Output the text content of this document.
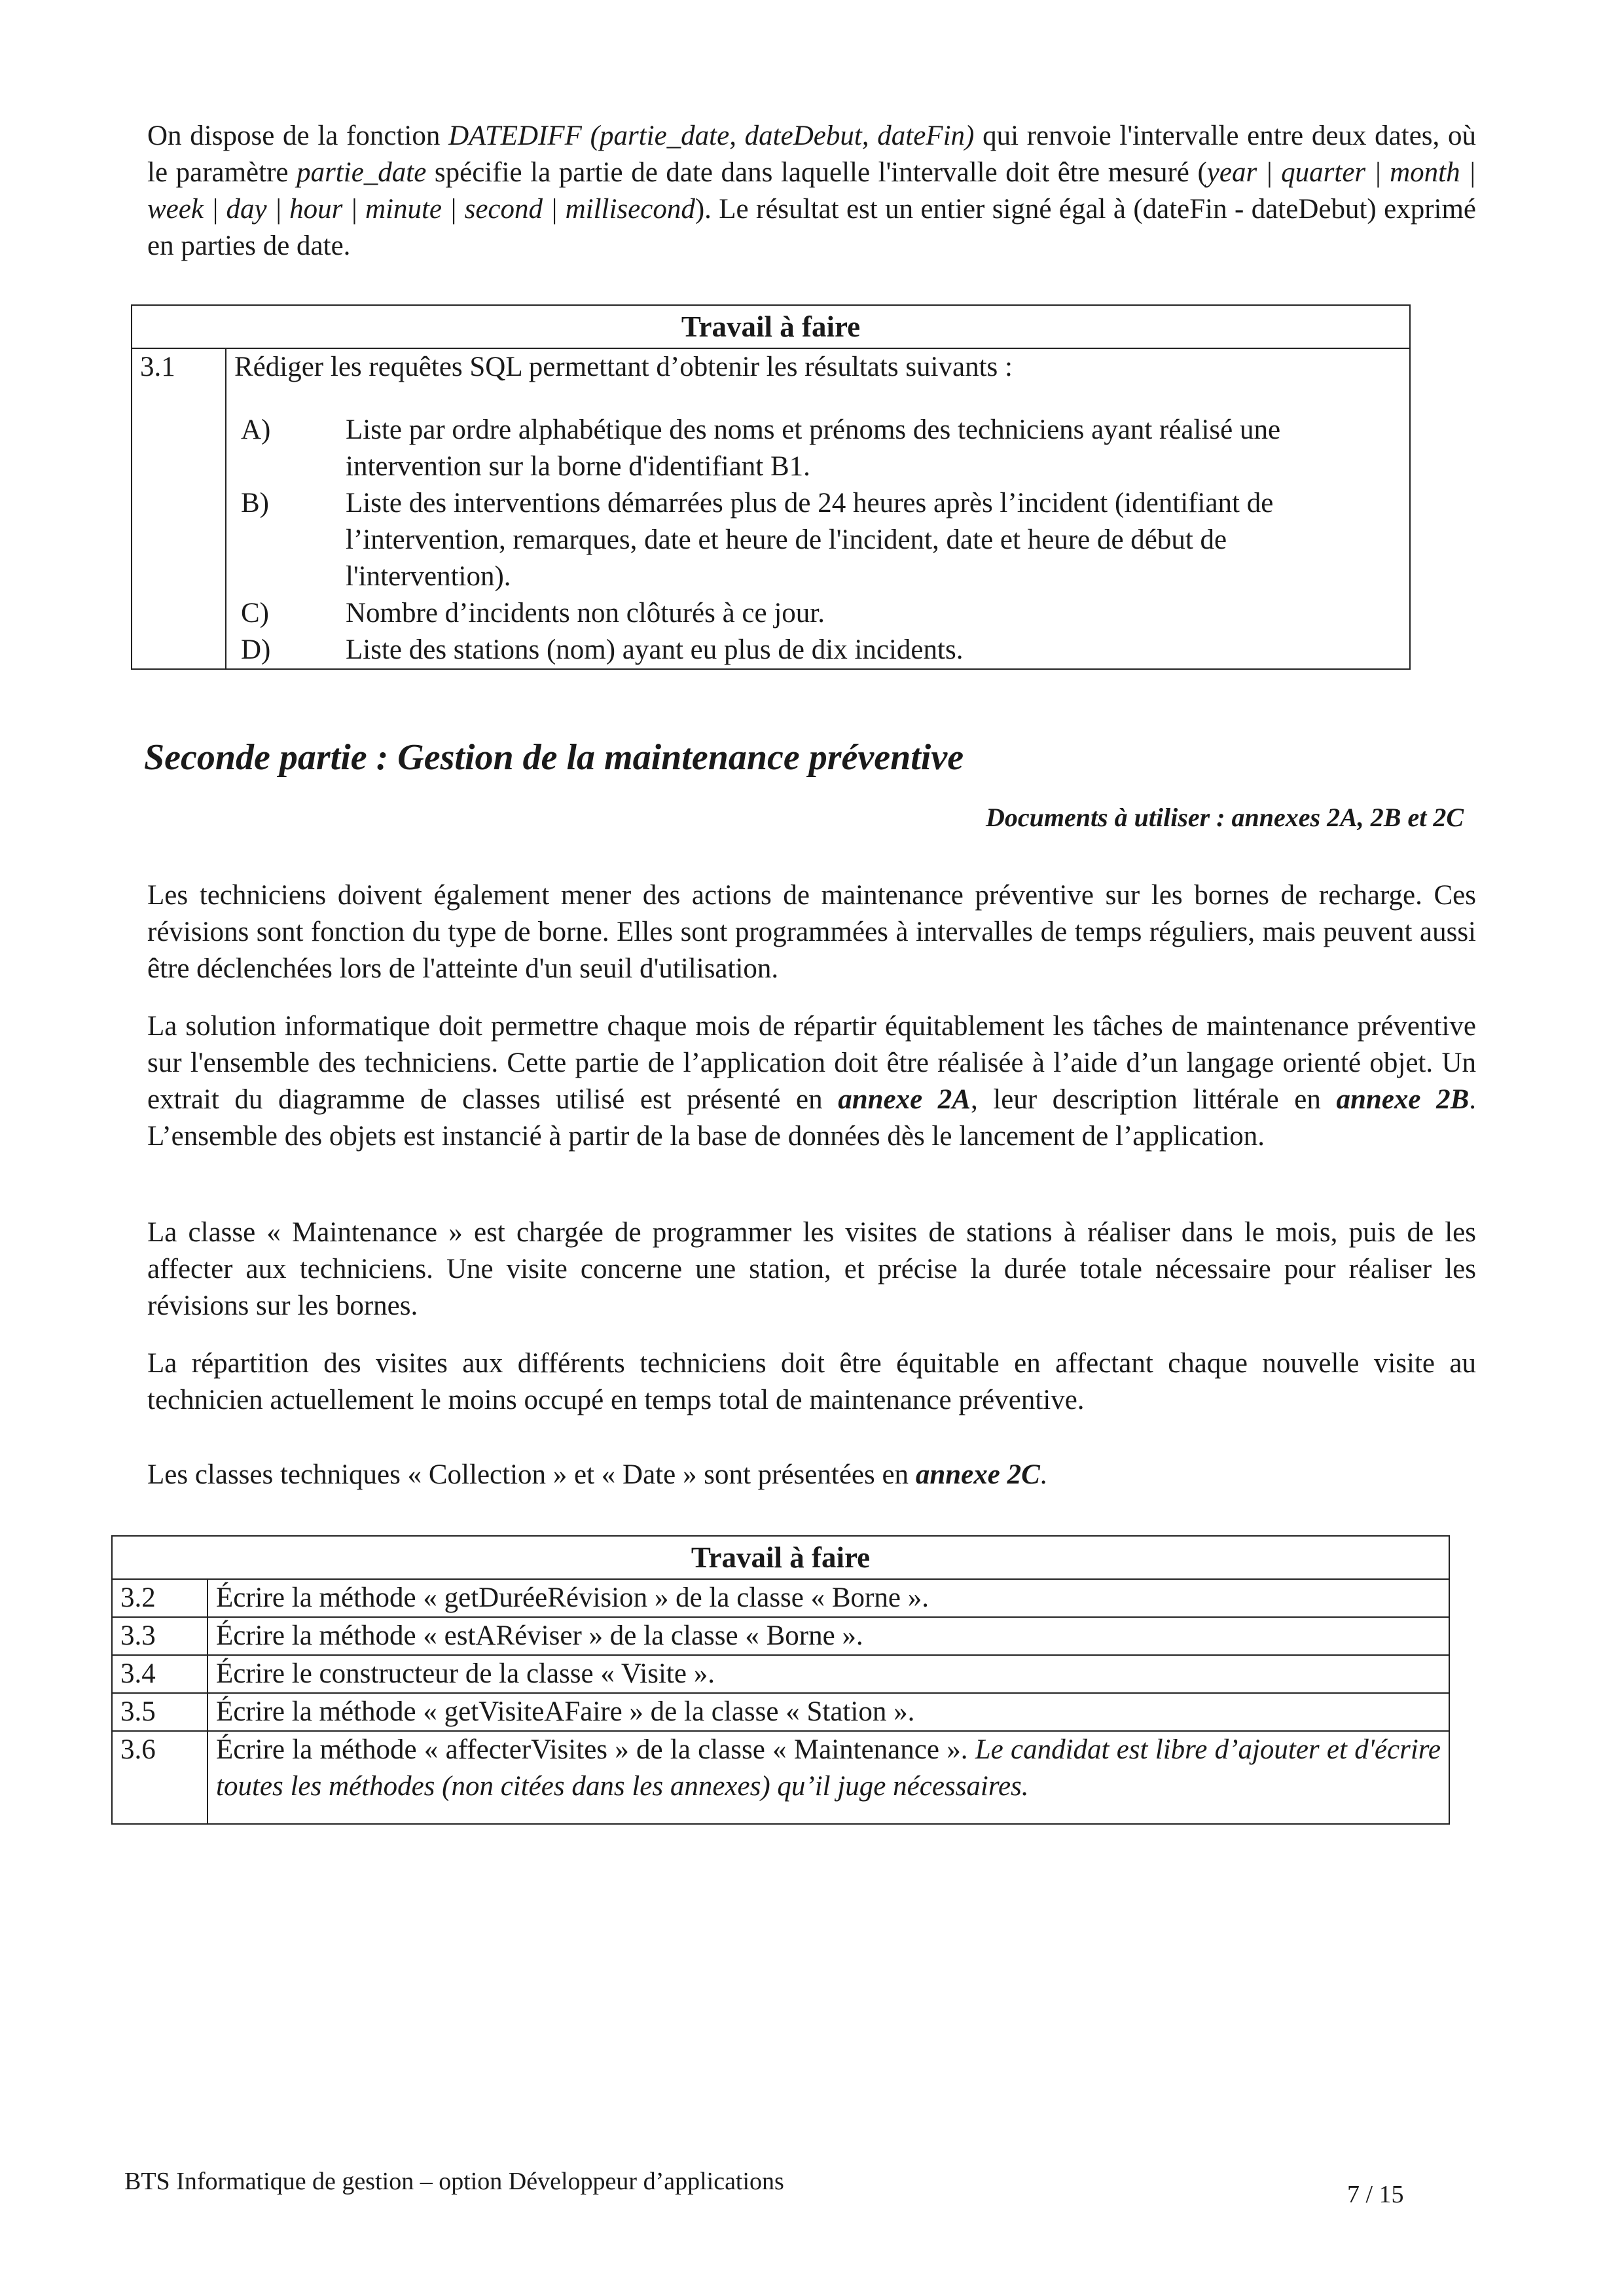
On dispose de la fonction DATEDIFF (partie_date, dateDebut, dateFin) qui renvoie l'intervalle entre deux dates, où le paramètre partie_date spécifie la partie de date dans laquelle l'intervalle doit être mesuré (year | quarter | month | week | day | hour | minute | second | millisecond). Le résultat est un entier signé égal à (dateFin - dateDebut) exprimé en parties de date.

Travail à faire
3.1	Rédiger les requêtes SQL permettant d’obtenir les résultats suivants :
A)	Liste par ordre alphabétique des noms et prénoms des techniciens ayant réalisé une intervention sur la borne d'identifiant B1.
B)	Liste des interventions démarrées plus de 24 heures après l’incident (identifiant de l’intervention, remarques, date et heure de l'incident, date et heure de début de l'intervention).
C)	Nombre d’incidents non clôturés à ce jour.
D)	Liste des stations (nom) ayant eu plus de dix incidents.
Seconde partie : Gestion de la maintenance préventive
Documents à utiliser : annexes 2A, 2B et 2C

Les techniciens doivent également mener des actions de maintenance préventive sur les bornes de recharge. Ces révisions sont fonction du type de borne. Elles sont programmées à intervalles de temps réguliers, mais peuvent aussi être déclenchées lors de l'atteinte d'un seuil d'utilisation.

La solution informatique doit permettre chaque mois de répartir équitablement les tâches de maintenance préventive sur l'ensemble des techniciens. Cette partie de l’application doit être réalisée à l’aide d’un langage orienté objet. Un extrait du diagramme de classes utilisé est présenté en annexe 2A, leur description littérale en annexe 2B. L’ensemble des objets est instancié à partir de la base de données dès le lancement de l’application.

La classe « Maintenance » est chargée de programmer les visites de stations à réaliser dans le mois, puis de les affecter aux techniciens. Une visite concerne une station, et précise la durée totale nécessaire pour réaliser les révisions sur les bornes.

La répartition des visites aux différents techniciens doit être équitable en affectant chaque nouvelle visite au technicien actuellement le moins occupé en temps total de maintenance préventive.

Les classes techniques « Collection » et « Date » sont présentées en annexe 2C.

Travail à faire	
3.2	Écrire la méthode « getDuréeRévision » de la classe « Borne ».
3.3	Écrire la méthode « estARéviser » de la classe « Borne ».
3.4	Écrire le constructeur de la classe « Visite ».
3.5	Écrire la méthode « getVisiteAFaire » de la classe « Station ».
3.6	Écrire la méthode « affecterVisites » de la classe « Maintenance ». Le candidat est libre d’ajouter et d'écrire toutes les méthodes (non citées dans les annexes) qu’il juge nécessaires.
BTS Informatique de gestion – option Développeur d’applications	7 / 15
